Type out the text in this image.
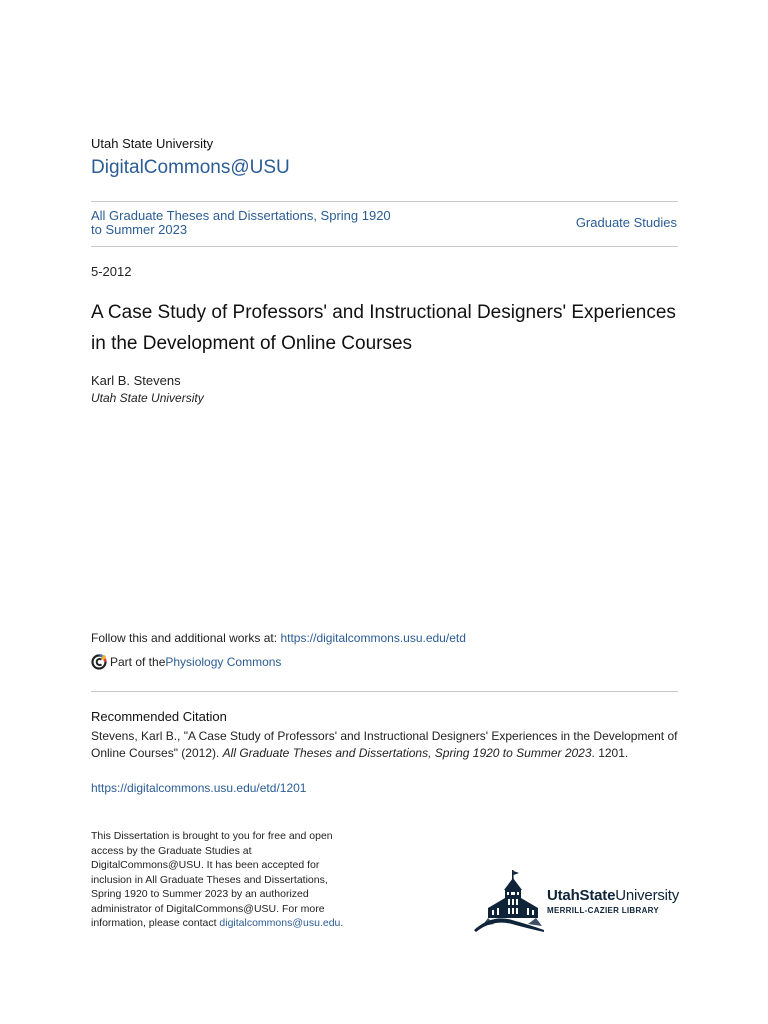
Utah State University
DigitalCommons@USU
All Graduate Theses and Dissertations, Spring 1920 to Summer 2023	Graduate Studies
5-2012
A Case Study of Professors' and Instructional Designers' Experiences in the Development of Online Courses
Karl B. Stevens
Utah State University
Follow this and additional works at: https://digitalcommons.usu.edu/etd
Part of the Physiology Commons
Recommended Citation

Stevens, Karl B., "A Case Study of Professors' and Instructional Designers' Experiences in the Development of Online Courses" (2012). All Graduate Theses and Dissertations, Spring 1920 to Summer 2023. 1201.

https://digitalcommons.usu.edu/etd/1201

This Dissertation is brought to you for free and open access by the Graduate Studies at DigitalCommons@USU. It has been accepted for inclusion in All Graduate Theses and Dissertations, Spring 1920 to Summer 2023 by an authorized administrator of DigitalCommons@USU. For more information, please contact digitalcommons@usu.edu.

UtahStateUniversity
MERRILL-CAZIER LIBRARY
